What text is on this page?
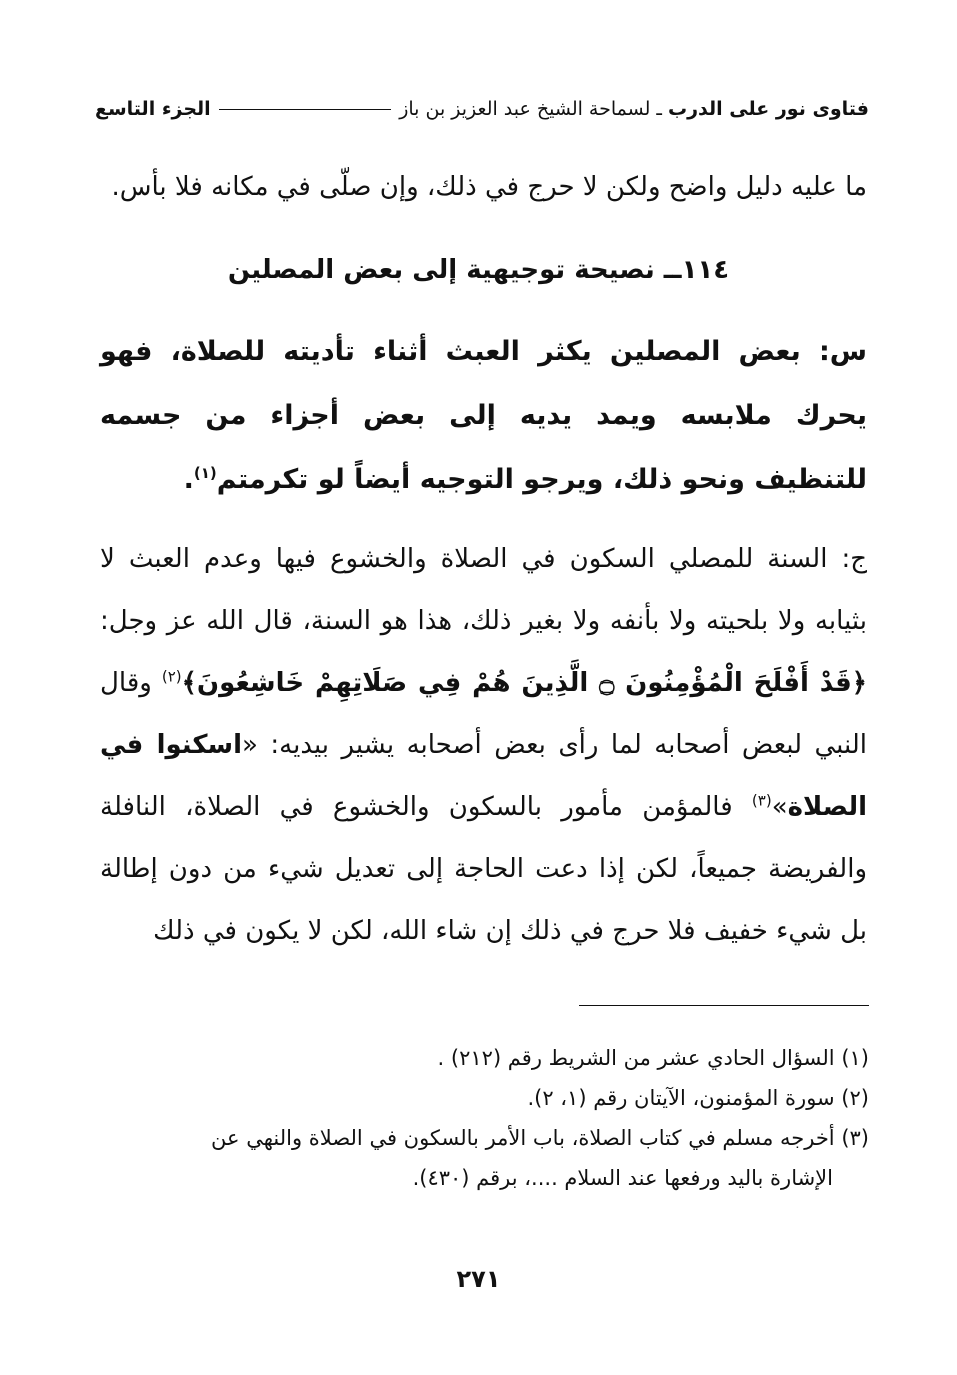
فتاوى نور على الدرب
ـ لسماحة الشيخ عبد العزيز بن باز
الجزء التاسع
ما عليه دليل واضح ولكن لا حرج في ذلك، وإن صلّى في مكانه فلا بأس.
١١٤ــ نصيحة توجيهية إلى بعض المصلين
س: بعض المصلين يكثر العبث أثناء تأديته للصلاة، فهو يحرك ملابسه ويمد يديه إلى بعض أجزاء من جسمه للتنظيف ونحو ذلك، ويرجو التوجيه أيضاً لو تكرمتم$^{(١)}$.
ج: السنة للمصلي السكون في الصلاة والخشوع فيها وعدم العبث لا بثيابه ولا بلحيته ولا بأنفه ولا بغير ذلك، هذا هو السنة، قال الله عز وجل: ﴿قَدْ أَفْلَحَ الْمُؤْمِنُونَ ۝ الَّذِينَ هُمْ فِي صَلَاتِهِمْ خَاشِعُونَ﴾$^{(٢)}$ وقال النبي لبعض أصحابه لما رأى بعض أصحابه يشير بيديه: «اسكنوا في الصلاة»$^{(٣)}$ فالمؤمن مأمور بالسكون والخشوع في الصلاة، النافلة والفريضة جميعاً، لكن إذا دعت الحاجة إلى تعديل شيء من دون إطالة بل شيء خفيف فلا حرج في ذلك إن شاء الله، لكن لا يكون في ذلك

(١) السؤال الحادي عشر من الشريط رقم (٢١٢) .

(٢) سورة المؤمنون، الآيتان رقم (١، ٢).

(٣) أخرجه مسلم في كتاب الصلاة، باب الأمر بالسكون في الصلاة والنهي عن

الإشارة باليد ورفعها عند السلام ....، برقم (٤٣٠).

٢٧١
